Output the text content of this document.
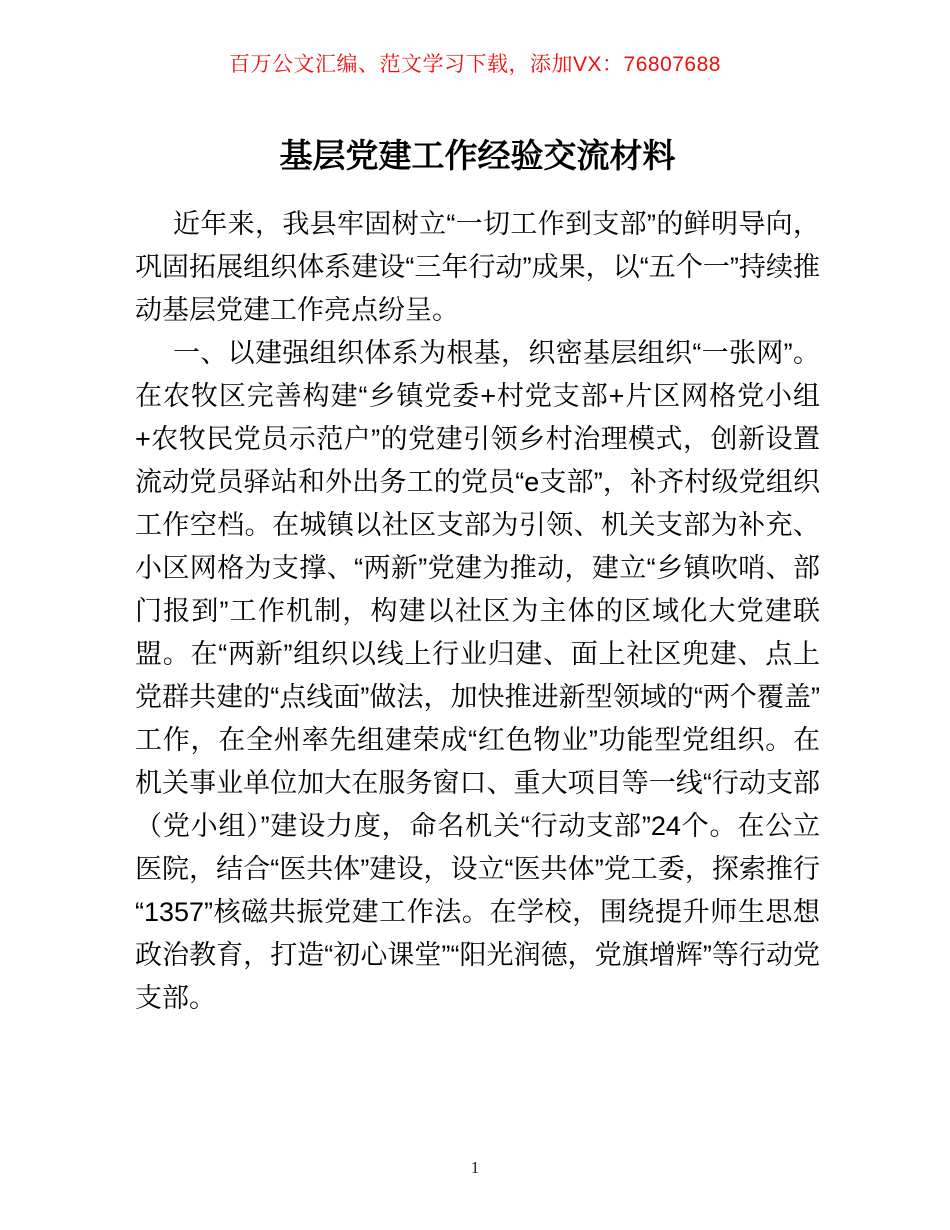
百万公文汇编、范文学习下载，添加VX：76807688
基层党建工作经验交流材料

近年来，我县牢固树立“一切工作到支部”的鲜明导向，巩固拓展组织体系建设“三年行动”成果，以“五个一”持续推动基层党建工作亮点纷呈。

一、以建强组织体系为根基，织密基层组织“一张网”。在农牧区完善构建“乡镇党委+村党支部+片区网格党小组+农牧民党员示范户”的党建引领乡村治理模式，创新设置流动党员驿站和外出务工的党员“e支部”，补齐村级党组织工作空档。在城镇以社区支部为引领、机关支部为补充、小区网格为支撑、“两新”党建为推动，建立“乡镇吹哨、部门报到”工作机制，构建以社区为主体的区域化大党建联盟。在“两新”组织以线上行业归建、面上社区兜建、点上党群共建的“点线面”做法，加快推进新型领域的“两个覆盖”工作，在全州率先组建荣成“红色物业”功能型党组织。在机关事业单位加大在服务窗口、重大项目等一线“行动支部（党小组）”建设力度，命名机关“行动支部”24个。在公立医院，结合“医共体”建设，设立“医共体”党工委，探索推行“1357”核磁共振党建工作法。在学校，围绕提升师生思想政治教育，打造“初心课堂”“阳光润德，党旗增辉”等行动党支部。

1
